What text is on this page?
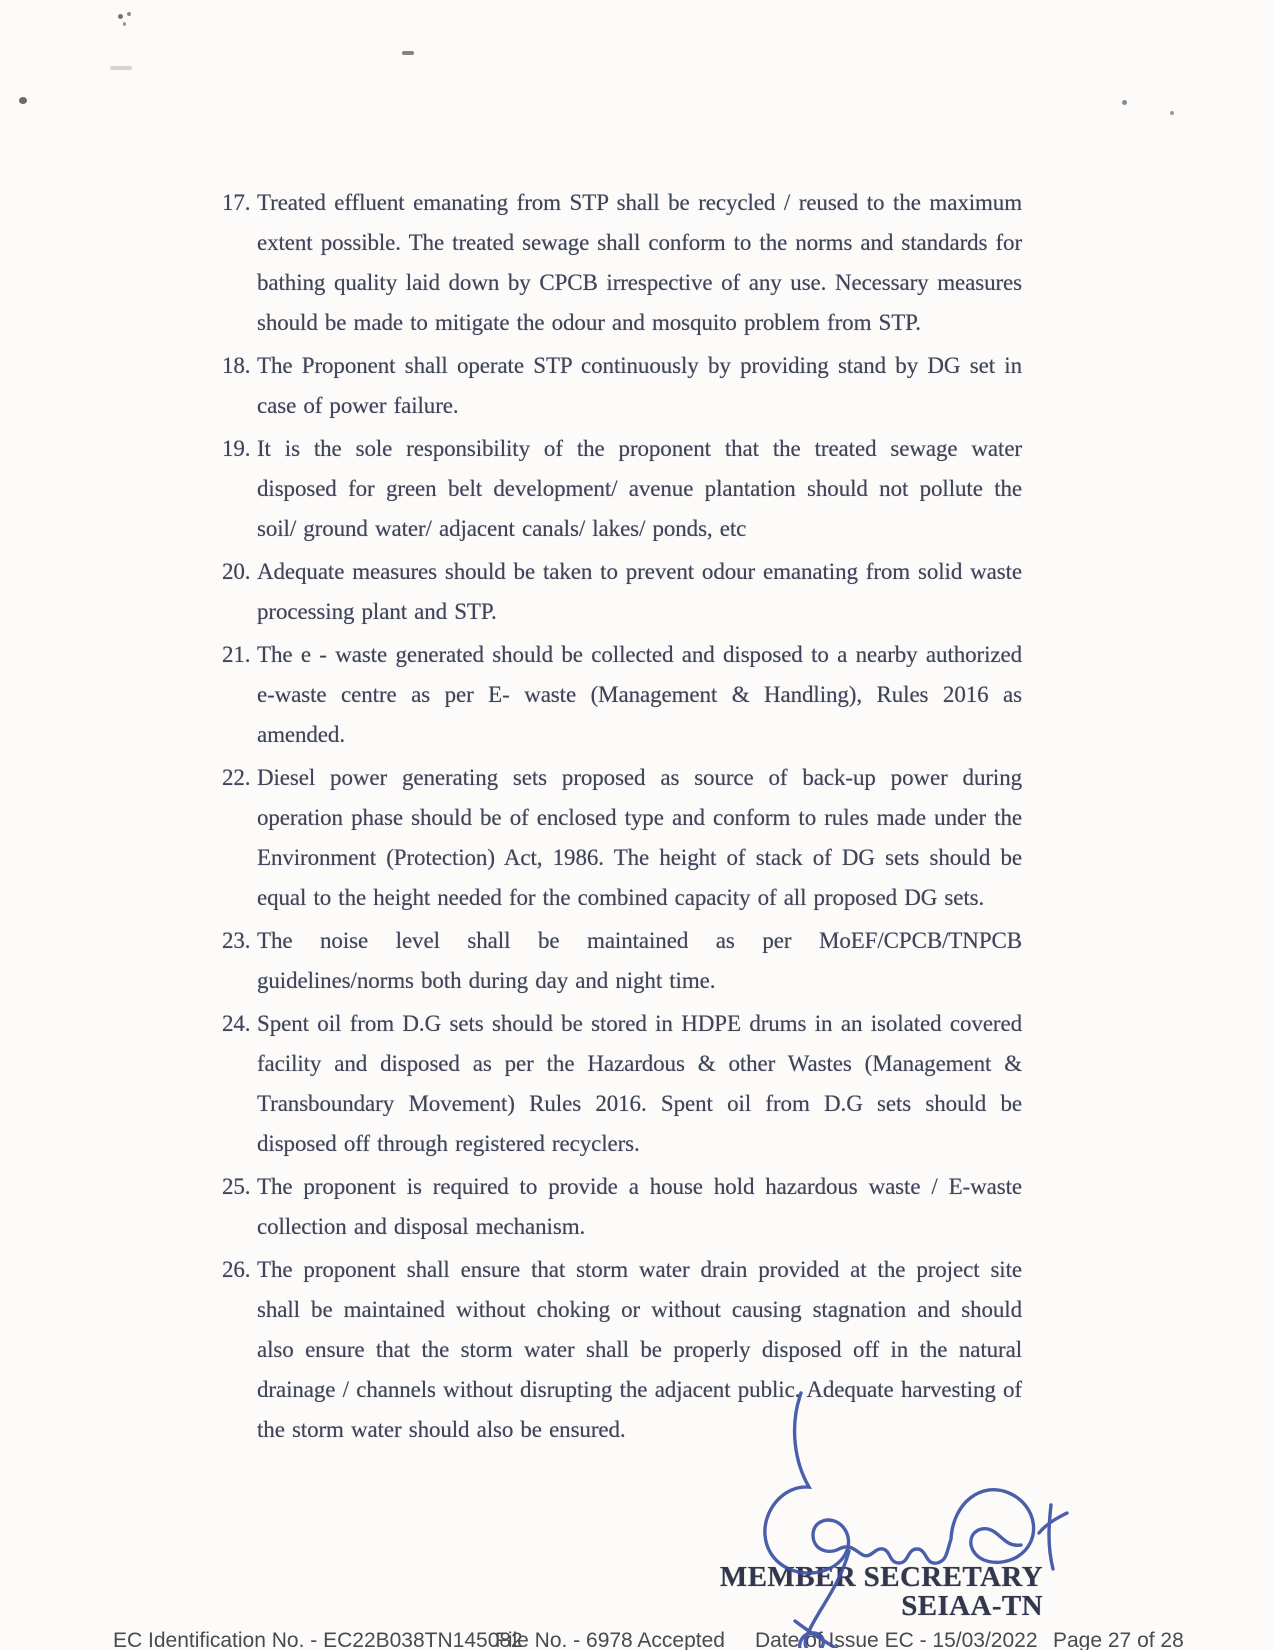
17. Treated effluent emanating from STP shall be recycled / reused to the maximum extent possible. The treated sewage shall conform to the norms and standards for bathing quality laid down by CPCB irrespective of any use. Necessary measures should be made to mitigate the odour and mosquito problem from STP.
18. The Proponent shall operate STP continuously by providing stand by DG set in case of power failure.
19. It is the sole responsibility of the proponent that the treated sewage water disposed for green belt development/ avenue plantation should not pollute the soil/ ground water/ adjacent canals/ lakes/ ponds, etc
20. Adequate measures should be taken to prevent odour emanating from solid waste processing plant and STP.
21. The e - waste generated should be collected and disposed to a nearby authorized e-waste centre as per E- waste (Management & Handling), Rules 2016 as amended.
22. Diesel power generating sets proposed as source of back-up power during operation phase should be of enclosed type and conform to rules made under the Environment (Protection) Act, 1986. The height of stack of DG sets should be equal to the height needed for the combined capacity of all proposed DG sets.
23. The noise level shall be maintained as per MoEF/CPCB/TNPCB guidelines/norms both during day and night time.
24. Spent oil from D.G sets should be stored in HDPE drums in an isolated covered facility and disposed as per the Hazardous & other Wastes (Management & Transboundary Movement) Rules 2016. Spent oil from D.G sets should be disposed off through registered recyclers.
25. The proponent is required to provide a house hold hazardous waste / E-waste collection and disposal mechanism.
26. The proponent shall ensure that storm water drain provided at the project site shall be maintained without choking or without causing stagnation and should also ensure that the storm water shall be properly disposed off in the natural drainage / channels without disrupting the adjacent public. Adequate harvesting of the storm water should also be ensured.
MEMBER SECRETARY
SEIAA-TN
EC Identification No. - EC22B038TN145082
File No. - 6978 Accepted Date of Issue EC - 15/03/2022 Page 27 of 28
